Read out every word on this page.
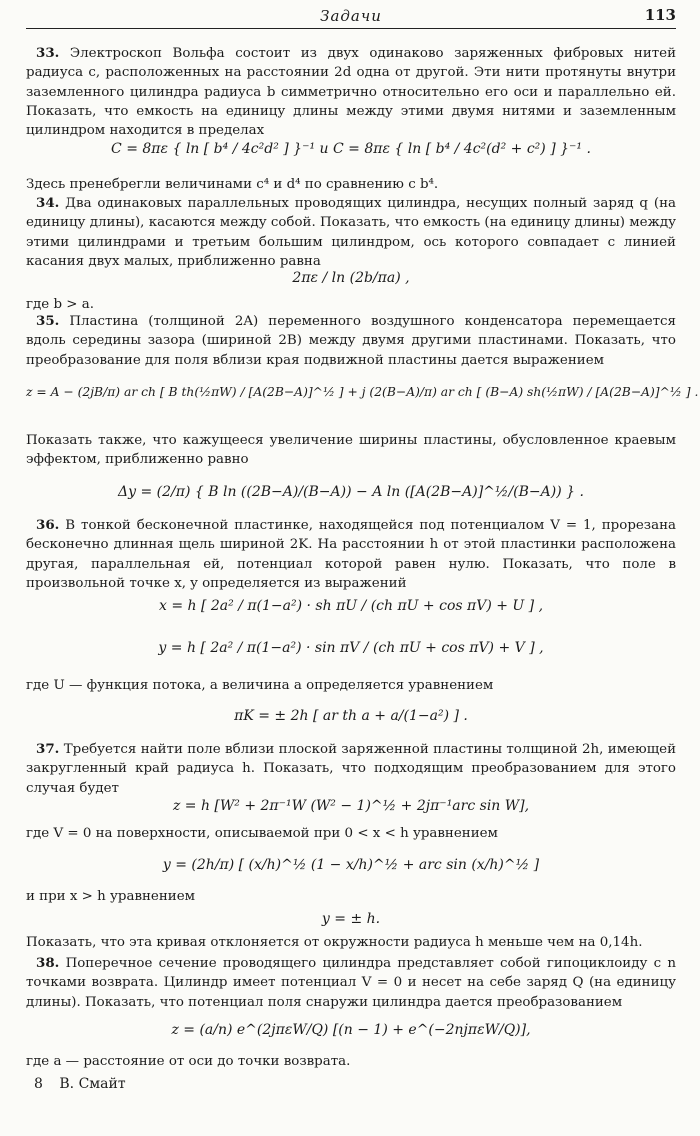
Задачи	113
33. Электроскоп Вольфа состоит из двух одинаково заряженных фибровых нитей радиуса c, расположенных на расстоянии 2d одна от другой. Эти нити протянуты внутри заземленного цилиндра радиуса b симметрично относительно его оси и параллельно ей. Показать, что емкость на единицу длины между этими двумя нитями и заземленным цилиндром находится в пределах
C = 8πε { ln [ b⁴ / 4c²d² ] }⁻¹ и C = 8πε { ln [ b⁴ / 4c²(d² + c²) ] }⁻¹ .
Здесь пренебрегли величинами c⁴ и d⁴ по сравнению с b⁴.
34. Два одинаковых параллельных проводящих цилиндра, несущих полный заряд q (на единицу длины), касаются между собой. Показать, что емкость (на единицу длины) между этими цилиндрами и третьим большим цилиндром, ось которого совпадает с линией касания двух малых, приближенно равна
2πε / ln (2b/πa) ,
где b > a.
35. Пластина (толщиной 2A) переменного воздушного конденсатора перемещается вдоль середины зазора (шириной 2B) между двумя другими пластинами. Показать, что преобразование для поля вблизи края подвижной пластины дается выражением
z = A − (2jB/π) ar ch [ B th(½πW) / [A(2B−A)]^½ ] + j (2(B−A)/π) ar ch [ (B−A) sh(½πW) / [A(2B−A)]^½ ] .
Показать также, что кажущееся увеличение ширины пластины, обусловленное краевым эффектом, приближенно равно
Δy = (2/π) { B ln ((2B−A)/(B−A)) − A ln ([A(2B−A)]^½/(B−A)) } .
36. В тонкой бесконечной пластинке, находящейся под потенциалом V = 1, прорезана бесконечно длинная щель шириной 2K. На расстоянии h от этой пластинки расположена другая, параллельная ей, потенциал которой равен нулю. Показать, что поле в произвольной точке x, y определяется из выражений
x = h [ 2a² / π(1−a²) · sh πU / (ch πU + cos πV) + U ] ,
y = h [ 2a² / π(1−a²) · sin πV / (ch πU + cos πV) + V ] ,
где U — функция потока, а величина a определяется уравнением
πK = ± 2h [ ar th a + a/(1−a²) ] .
37. Требуется найти поле вблизи плоской заряженной пластины толщиной 2h, имеющей закругленный край радиуса h. Показать, что подходящим преобразованием для этого случая будет
z = h [W² + 2π⁻¹W (W² − 1)^½ + 2jπ⁻¹arc sin W],
где V = 0 на поверхности, описываемой при 0 < x < h уравнением
y = (2h/π) [ (x/h)^½ (1 − x/h)^½ + arc sin (x/h)^½ ]
и при x > h уравнением
y = ± h.
Показать, что эта кривая отклоняется от окружности радиуса h меньше чем на 0,14h.
38. Поперечное сечение проводящего цилиндра представляет собой гипоциклоиду с n точками возврата. Цилиндр имеет потенциал V = 0 и несет на себе заряд Q (на единицу длины). Показать, что потенциал поля снаружи цилиндра дается преобразованием
z = (a/n) e^(2jπεW/Q) [(n − 1) + e^(−2njπεW/Q)],
где a — расстояние от оси до точки возврата.
8 В. Смайт
